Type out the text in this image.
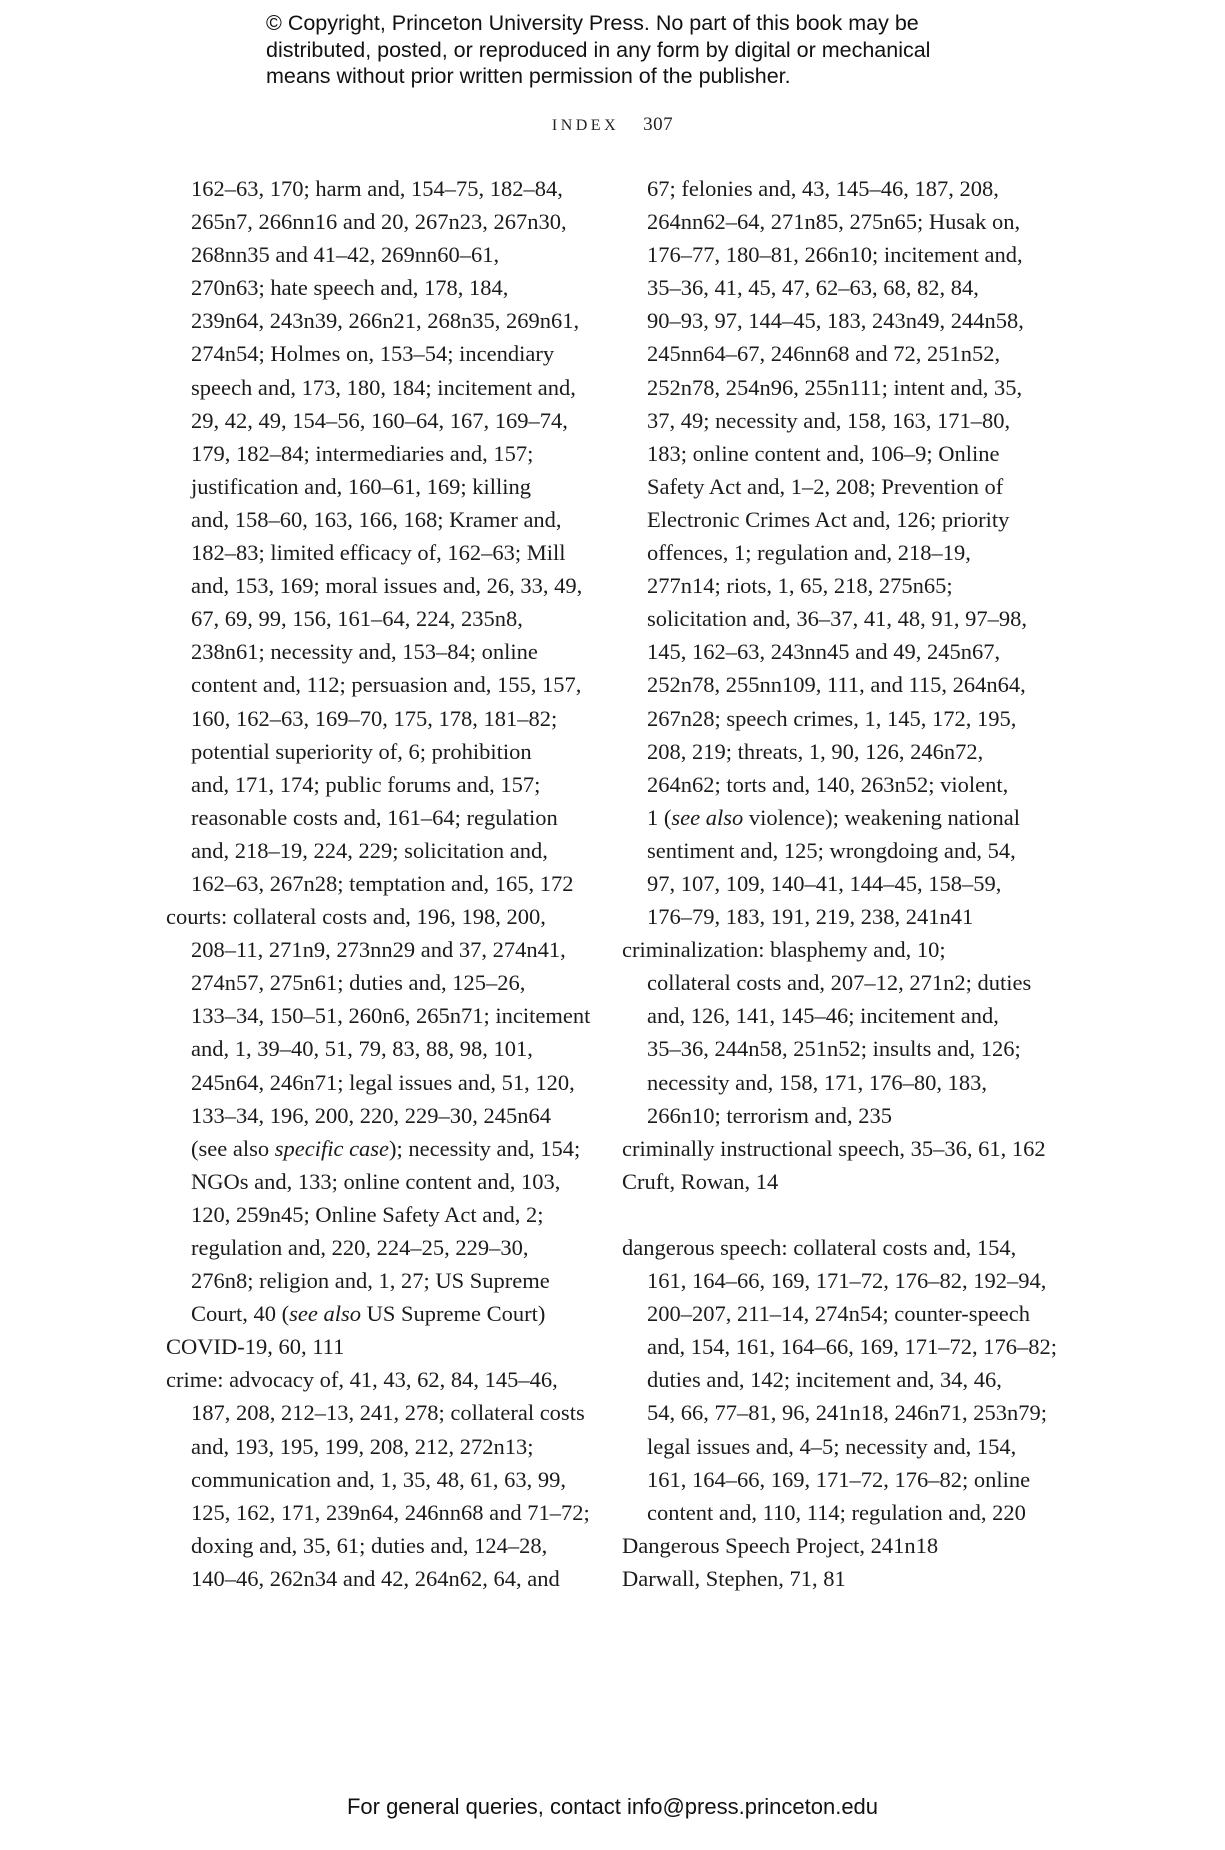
© Copyright, Princeton University Press. No part of this book may be
distributed, posted, or reproduced in any form by digital or mechanical
means without prior written permission of the publisher.
INDEX 307
162–63, 170; harm and, 154–75, 182–84,
265n7, 266nn16 and 20, 267n23, 267n30,
268nn35 and 41–42, 269nn60–61,
270n63; hate speech and, 178, 184,
239n64, 243n39, 266n21, 268n35, 269n61,
274n54; Holmes on, 153–54; incendiary
speech and, 173, 180, 184; incitement and,
29, 42, 49, 154–56, 160–64, 167, 169–74,
179, 182–84; intermediaries and, 157;
justification and, 160–61, 169; killing
and, 158–60, 163, 166, 168; Kramer and,
182–83; limited efficacy of, 162–63; Mill
and, 153, 169; moral issues and, 26, 33, 49,
67, 69, 99, 156, 161–64, 224, 235n8,
238n61; necessity and, 153–84; online
content and, 112; persuasion and, 155, 157,
160, 162–63, 169–70, 175, 178, 181–82;
potential superiority of, 6; prohibition
and, 171, 174; public forums and, 157;
reasonable costs and, 161–64; regulation
and, 218–19, 224, 229; solicitation and,
162–63, 267n28; temptation and, 165, 172
courts: collateral costs and, 196, 198, 200,
208–11, 271n9, 273nn29 and 37, 274n41,
274n57, 275n61; duties and, 125–26,
133–34, 150–51, 260n6, 265n71; incitement
and, 1, 39–40, 51, 79, 83, 88, 98, 101,
245n64, 246n71; legal issues and, 51, 120,
133–34, 196, 200, 220, 229–30, 245n64
(see also specific case); necessity and, 154;
NGOs and, 133; online content and, 103,
120, 259n45; Online Safety Act and, 2;
regulation and, 220, 224–25, 229–30,
276n8; religion and, 1, 27; US Supreme
Court, 40 (see also US Supreme Court)
COVID-19, 60, 111
crime: advocacy of, 41, 43, 62, 84, 145–46,
187, 208, 212–13, 241, 278; collateral costs
and, 193, 195, 199, 208, 212, 272n13;
communication and, 1, 35, 48, 61, 63, 99,
125, 162, 171, 239n64, 246nn68 and 71–72;
doxing and, 35, 61; duties and, 124–28,
140–46, 262n34 and 42, 264n62, 64, and
67; felonies and, 43, 145–46, 187, 208,
264nn62–64, 271n85, 275n65; Husak on,
176–77, 180–81, 266n10; incitement and,
35–36, 41, 45, 47, 62–63, 68, 82, 84,
90–93, 97, 144–45, 183, 243n49, 244n58,
245nn64–67, 246nn68 and 72, 251n52,
252n78, 254n96, 255n111; intent and, 35,
37, 49; necessity and, 158, 163, 171–80,
183; online content and, 106–9; Online
Safety Act and, 1–2, 208; Prevention of
Electronic Crimes Act and, 126; priority
offences, 1; regulation and, 218–19,
277n14; riots, 1, 65, 218, 275n65;
solicitation and, 36–37, 41, 48, 91, 97–98,
145, 162–63, 243nn45 and 49, 245n67,
252n78, 255nn109, 111, and 115, 264n64,
267n28; speech crimes, 1, 145, 172, 195,
208, 219; threats, 1, 90, 126, 246n72,
264n62; torts and, 140, 263n52; violent,
1 (see also violence); weakening national
sentiment and, 125; wrongdoing and, 54,
97, 107, 109, 140–41, 144–45, 158–59,
176–79, 183, 191, 219, 238, 241n41
criminalization: blasphemy and, 10;
collateral costs and, 207–12, 271n2; duties
and, 126, 141, 145–46; incitement and,
35–36, 244n58, 251n52; insults and, 126;
necessity and, 158, 171, 176–80, 183,
266n10; terrorism and, 235
criminally instructional speech, 35–36, 61, 162
Cruft, Rowan, 14
dangerous speech: collateral costs and, 154,
161, 164–66, 169, 171–72, 176–82, 192–94,
200–207, 211–14, 274n54; counter-speech
and, 154, 161, 164–66, 169, 171–72, 176–82;
duties and, 142; incitement and, 34, 46,
54, 66, 77–81, 96, 241n18, 246n71, 253n79;
legal issues and, 4–5; necessity and, 154,
161, 164–66, 169, 171–72, 176–82; online
content and, 110, 114; regulation and, 220
Dangerous Speech Project, 241n18
Darwall, Stephen, 71, 81
For general queries, contact info@press.princeton.edu
